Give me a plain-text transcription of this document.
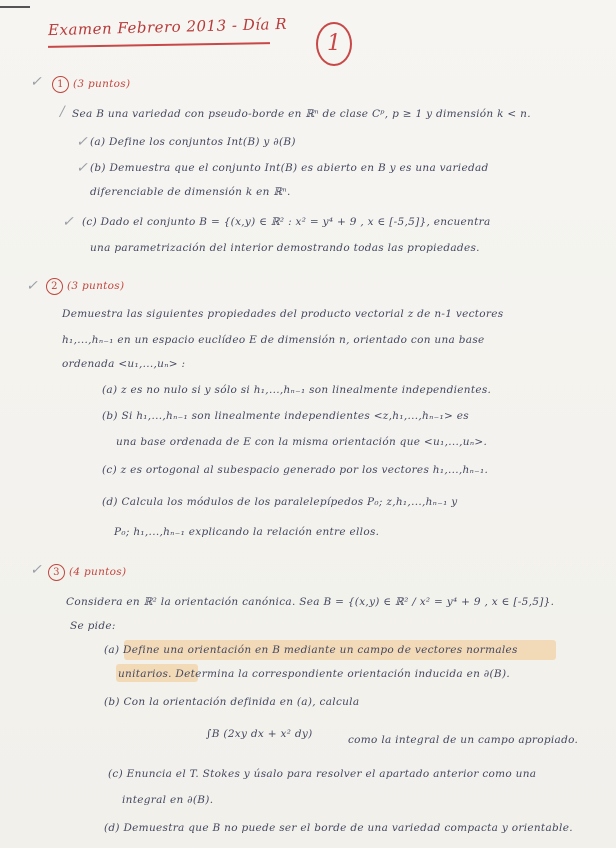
Examen Febrero 2013 - Día R
1
✓	1 (3 puntos)
/ Sea B una variedad con pseudo-borde en ℝⁿ de clase Cᵖ, p ≥ 1 y dimensión k < n.
✓ (a) Define los conjuntos Int(B) y ∂(B)
✓ (b) Demuestra que el conjunto Int(B) es abierto en B y es una variedad
diferenciable de dimensión k en ℝⁿ.
✓ (c) Dado el conjunto B = {(x,y) ∈ ℝ² : x² = y⁴ + 9 , x ∈ [-5,5]}, encuentra
una parametrización del interior demostrando todas las propiedades.
✓	2 (3 puntos)
Demuestra las siguientes propiedades del producto vectorial z de n-1 vectores
h₁,...,hₙ₋₁ en un espacio euclídeo E de dimensión n, orientado con una base
ordenada <u₁,...,uₙ> :
(a) z es no nulo si y sólo si h₁,...,hₙ₋₁ son linealmente independientes.
(b) Si h₁,...,hₙ₋₁ son linealmente independientes <z,h₁,...,hₙ₋₁> es
una base ordenada de E con la misma orientación que <u₁,...,uₙ>.
(c) z es ortogonal al subespacio generado por los vectores h₁,...,hₙ₋₁.
(d) Calcula los módulos de los paralelepípedos P₀; z,h₁,...,hₙ₋₁ y
P₀; h₁,...,hₙ₋₁ explicando la relación entre ellos.
✓	3 (4 puntos)
Considera en ℝ² la orientación canónica. Sea B = {(x,y) ∈ ℝ² / x² = y⁴ + 9 , x ∈ [-5,5]}.
Se pide:
(a) Define una orientación en B mediante un campo de vectores normales
unitarios. Determina la correspondiente orientación inducida en ∂(B).
(b) Con la orientación definida en (a), calcula
∫B (2xy dx + x² dy)	como la integral de un campo apropiado.
(c) Enuncia el T. Stokes y úsalo para resolver el apartado anterior como una
integral en ∂(B).
(d) Demuestra que B no puede ser el borde de una variedad compacta y orientable.
